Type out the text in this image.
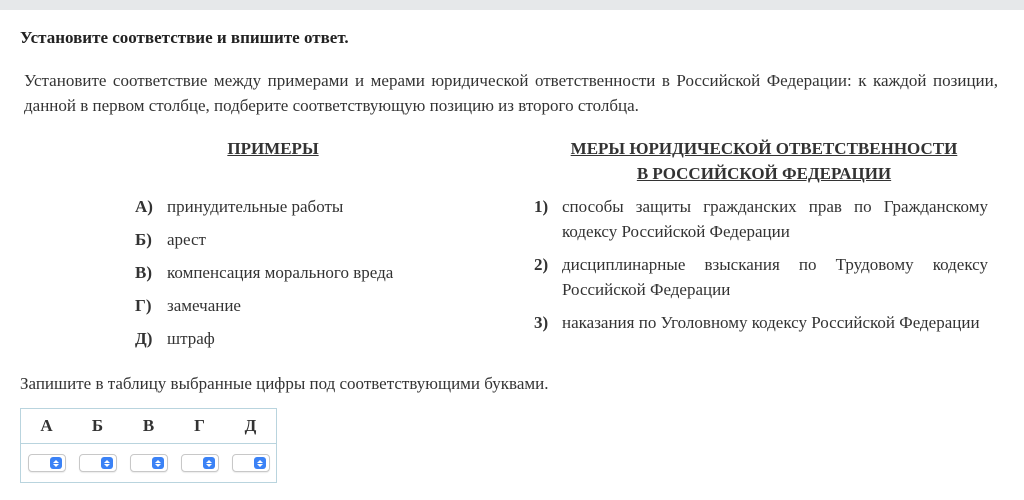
Установите соответствие и впишите ответ.
Установите соответствие между примерами и мерами юридической ответственности в Российской Федерации: к каждой позиции, данной в первом столбце, подберите соответствующую позицию из второго столбца.
ПРИМЕРЫ	МЕРЫ ЮРИДИЧЕСКОЙ ОТВЕТСТВЕННОСТИ
В РОССИЙСКОЙ ФЕДЕРАЦИИ
А) принудительные работы
Б) арест
В) компенсация морального вреда
Г) замечание
Д) штраф
1) способы защиты гражданских прав по Гражданскому кодексу Российской Федерации
2) дисциплинарные взыскания по Трудовому кодексу Российской Федерации
3) наказания по Уголовному кодексу Российской Федерации
Запишите в таблицу выбранные цифры под соответствующими буквами.
А	Б	В	Г	Д
